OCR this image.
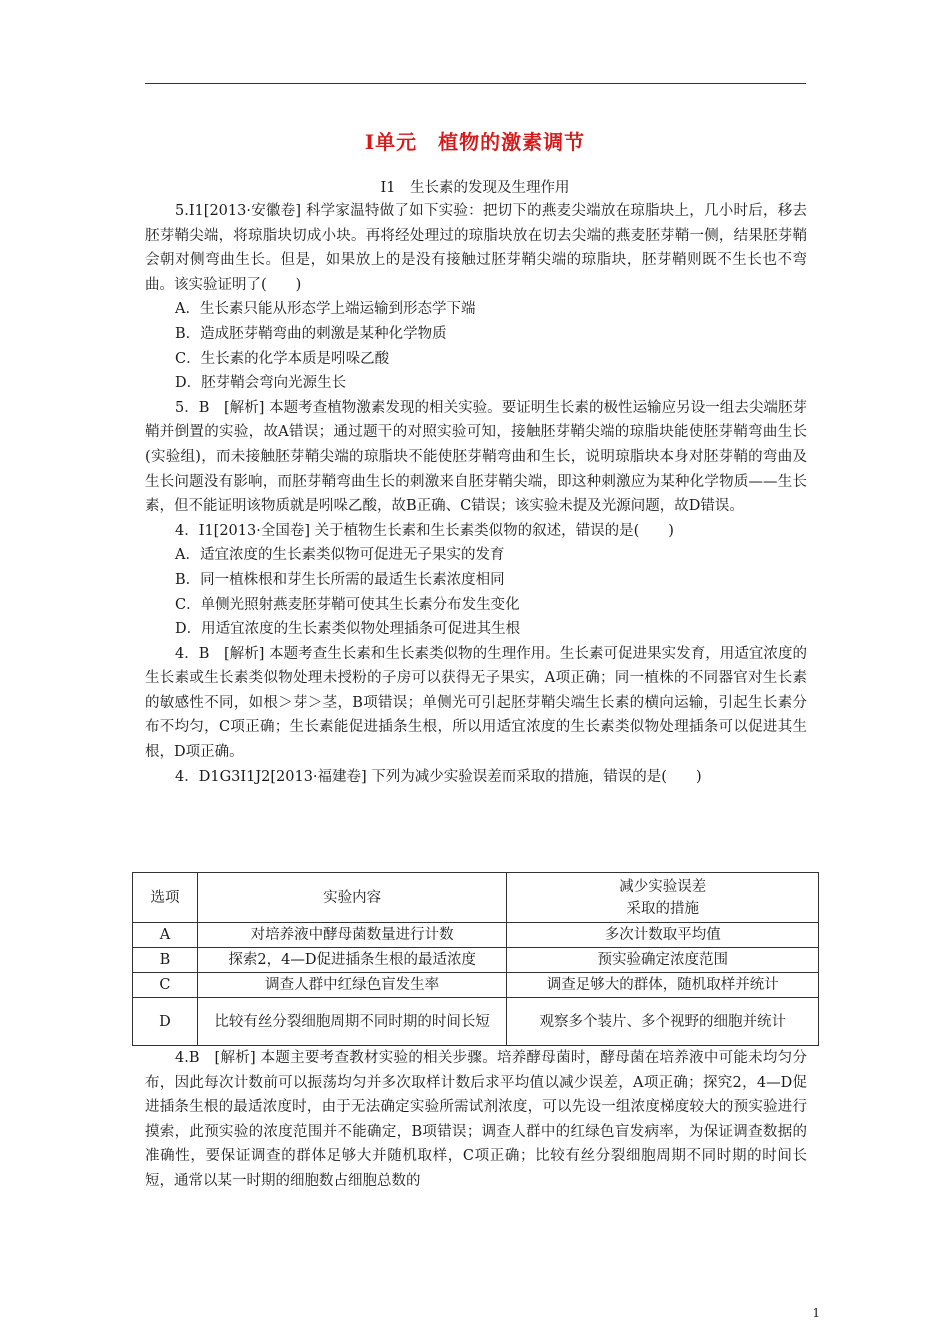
I单元　植物的激素调节
I1　生长素的发现及生理作用

5.I1[2013·安徽卷] 科学家温特做了如下实验：把切下的燕麦尖端放在琼脂块上，几小时后，移去胚芽鞘尖端，将琼脂块切成小块。再将经处理过的琼脂块放在切去尖端的燕麦胚芽鞘一侧，结果胚芽鞘会朝对侧弯曲生长。但是，如果放上的是没有接触过胚芽鞘尖端的琼脂块，胚芽鞘则既不生长也不弯曲。该实验证明了(　　)

A．生长素只能从形态学上端运输到形态学下端

B．造成胚芽鞘弯曲的刺激是某种化学物质

C．生长素的化学本质是吲哚乙酸

D．胚芽鞘会弯向光源生长

5．B　[解析] 本题考查植物激素发现的相关实验。要证明生长素的极性运输应另设一组去尖端胚芽鞘并倒置的实验，故A错误；通过题干的对照实验可知，接触胚芽鞘尖端的琼脂块能使胚芽鞘弯曲生长(实验组)，而未接触胚芽鞘尖端的琼脂块不能使胚芽鞘弯曲和生长，说明琼脂块本身对胚芽鞘的弯曲及生长问题没有影响，而胚芽鞘弯曲生长的刺激来自胚芽鞘尖端，即这种刺激应为某种化学物质——生长素，但不能证明该物质就是吲哚乙酸，故B正确、C错误；该实验未提及光源问题，故D错误。

4．I1[2013·全国卷] 关于植物生长素和生长素类似物的叙述，错误的是(　　)

A．适宜浓度的生长素类似物可促进无子果实的发育

B．同一植株根和芽生长所需的最适生长素浓度相同

C．单侧光照射燕麦胚芽鞘可使其生长素分布发生变化

D．用适宜浓度的生长素类似物处理插条可促进其生根

4．B　[解析] 本题考查生长素和生长素类似物的生理作用。生长素可促进果实发育，用适宜浓度的生长素或生长素类似物处理未授粉的子房可以获得无子果实，A项正确；同一植株的不同器官对生长素的敏感性不同，如根＞芽＞茎，B项错误；单侧光可引起胚芽鞘尖端生长素的横向运输，引起生长素分布不均匀，C项正确；生长素能促进插条生根，所以用适宜浓度的生长素类似物处理插条可以促进其生根，D项正确。

4．D1G3I1J2[2013·福建卷] 下列为减少实验误差而采取的措施，错误的是(　　)

选项	实验内容	减少实验误差
采取的措施
A	对培养液中酵母菌数量进行计数	多次计数取平均值
B	探索2，4—D促进插条生根的最适浓度	预实验确定浓度范围
C	调查人群中红绿色盲发生率	调查足够大的群体，随机取样并统计
D	比较有丝分裂细胞周期不同时期的时间长短	观察多个装片、多个视野的细胞并统计

4.B　[解析] 本题主要考查教材实验的相关步骤。培养酵母菌时，酵母菌在培养液中可能未均匀分布，因此每次计数前可以振荡均匀并多次取样计数后求平均值以减少误差，A项正确；探究2，4—D促进插条生根的最适浓度时，由于无法确定实验所需试剂浓度，可以先设一组浓度梯度较大的预实验进行摸索，此预实验的浓度范围并不能确定，B项错误；调查人群中的红绿色盲发病率，为保证调查数据的准确性，要保证调查的群体足够大并随机取样，C项正确；比较有丝分裂细胞周期不同时期的时间长短，通常以某一时期的细胞数占细胞总数的

1
